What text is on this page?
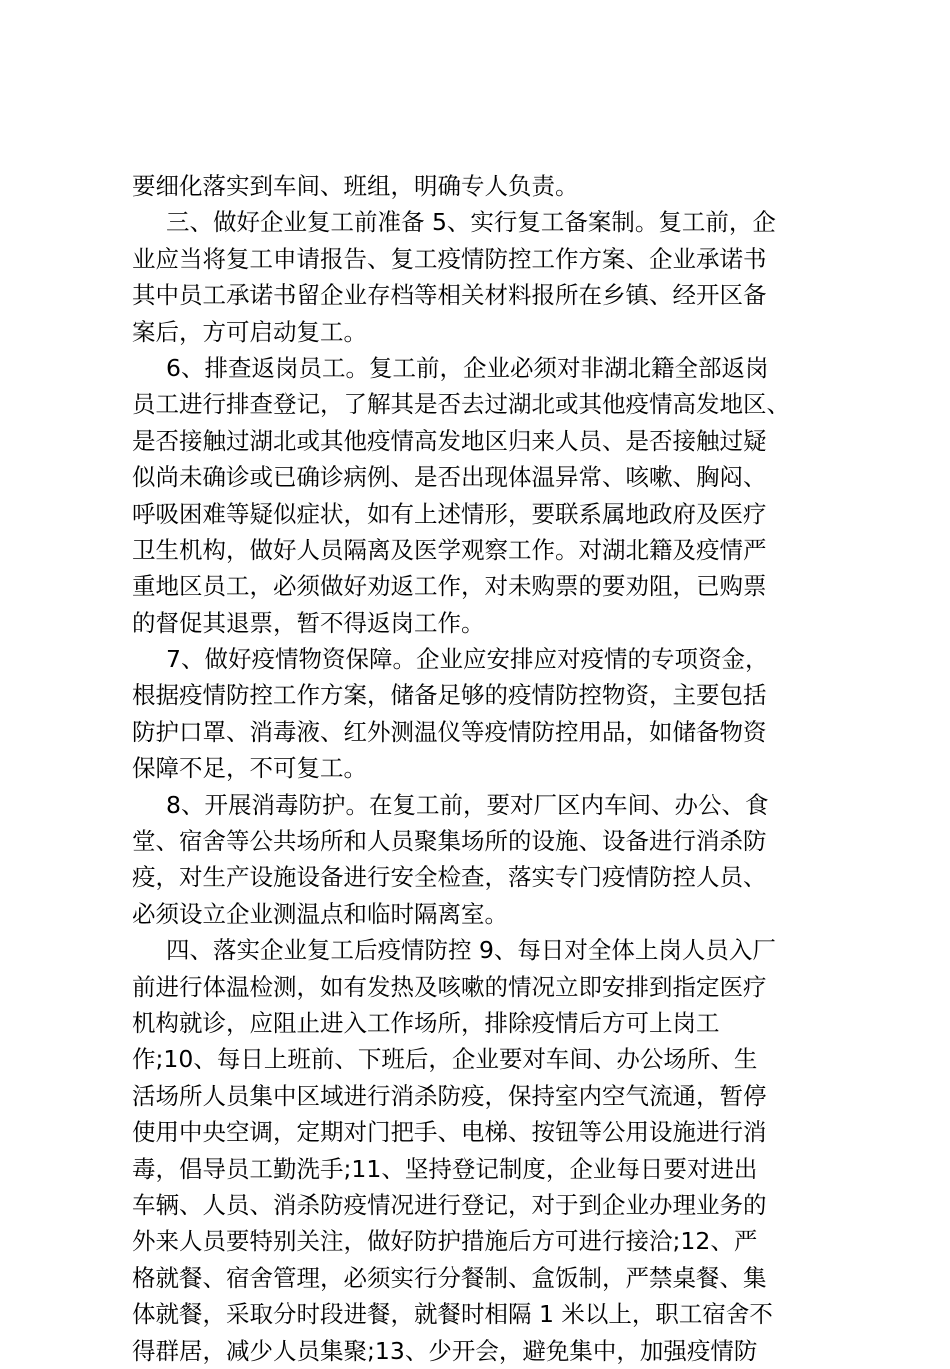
要细化落实到车间、班组，明确专人负责。
三、做好企业复工前准备 5、实行复工备案制。复工前，企
业应当将复工申请报告、复工疫情防控工作方案、企业承诺书
其中员工承诺书留企业存档等相关材料报所在乡镇、经开区备
案后，方可启动复工。
6、排查返岗员工。复工前，企业必须对非湖北籍全部返岗
员工进行排查登记，了解其是否去过湖北或其他疫情高发地区、
是否接触过湖北或其他疫情高发地区归来人员、是否接触过疑
似尚未确诊或已确诊病例、是否出现体温异常、咳嗽、胸闷、
呼吸困难等疑似症状，如有上述情形，要联系属地政府及医疗
卫生机构，做好人员隔离及医学观察工作。对湖北籍及疫情严
重地区员工，必须做好劝返工作，对未购票的要劝阻，已购票
的督促其退票，暂不得返岗工作。
7、做好疫情物资保障。企业应安排应对疫情的专项资金，
根据疫情防控工作方案，储备足够的疫情防控物资，主要包括
防护口罩、消毒液、红外测温仪等疫情防控用品，如储备物资
保障不足，不可复工。
8、开展消毒防护。在复工前，要对厂区内车间、办公、食
堂、宿舍等公共场所和人员聚集场所的设施、设备进行消杀防
疫，对生产设施设备进行安全检查，落实专门疫情防控人员、
必须设立企业测温点和临时隔离室。
四、落实企业复工后疫情防控 9、每日对全体上岗人员入厂
前进行体温检测，如有发热及咳嗽的情况立即安排到指定医疗
机构就诊，应阻止进入工作场所，排除疫情后方可上岗工
作;10、每日上班前、下班后，企业要对车间、办公场所、生
活场所人员集中区域进行消杀防疫，保持室内空气流通，暂停
使用中央空调，定期对门把手、电梯、按钮等公用设施进行消
毒，倡导员工勤洗手;11、坚持登记制度，企业每日要对进出
车辆、人员、消杀防疫情况进行登记，对于到企业办理业务的
外来人员要特别关注，做好防护措施后方可进行接洽;12、严
格就餐、宿舍管理，必须实行分餐制、盒饭制，严禁桌餐、集
体就餐，采取分时段进餐，就餐时相隔 1 米以上，职工宿舍不
得群居，减少人员集聚;13、少开会，避免集中，加强疫情防
